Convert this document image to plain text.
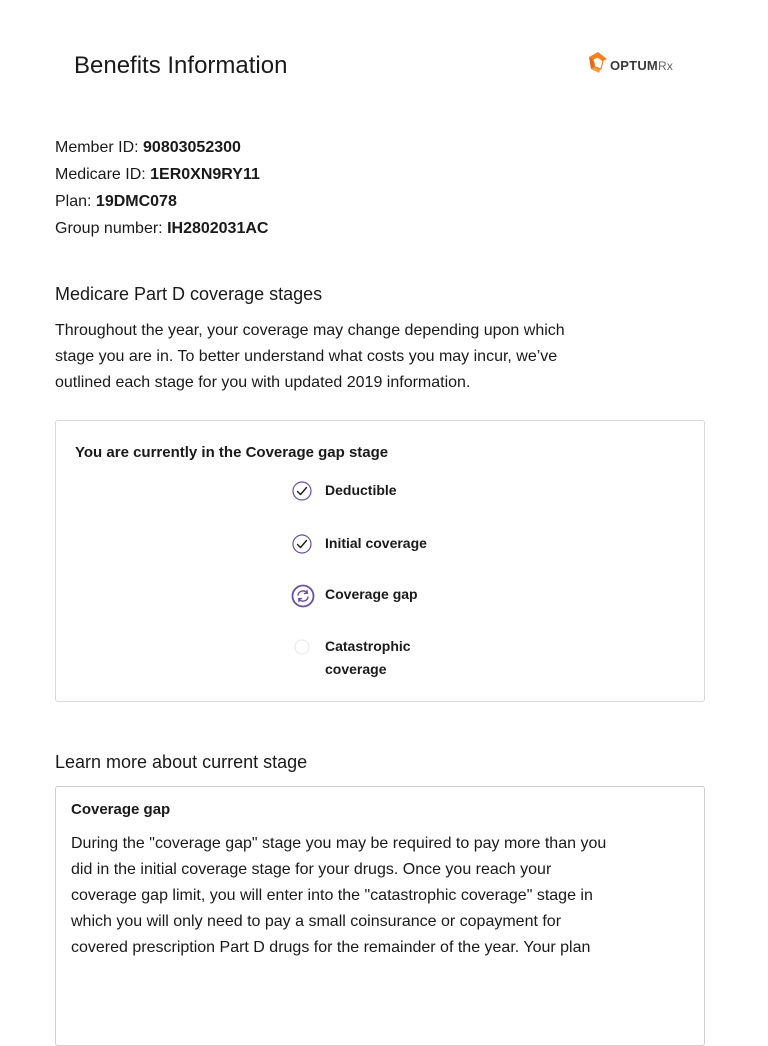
Benefits Information	OPTUMRx
Member ID: 90803052300
Medicare ID: 1ER0XN9RY11
Plan: 19DMC078
Group number: IH2802031AC
Medicare Part D coverage stages

Throughout the year, your coverage may change depending upon which stage you are in. To better understand what costs you may incur, we’ve outlined each stage for you with updated 2019 information.

You are currently in the Coverage gap stage

Deductible
Initial coverage
Coverage gap
Catastrophic coverage
Learn more about current stage

Coverage gap

During the "coverage gap" stage you may be required to pay more than you did in the initial coverage stage for your drugs. Once you reach your coverage gap limit, you will enter into the "catastrophic coverage" stage in which you will only need to pay a small coinsurance or copayment for covered prescription Part D drugs for the remainder of the year. Your plan
